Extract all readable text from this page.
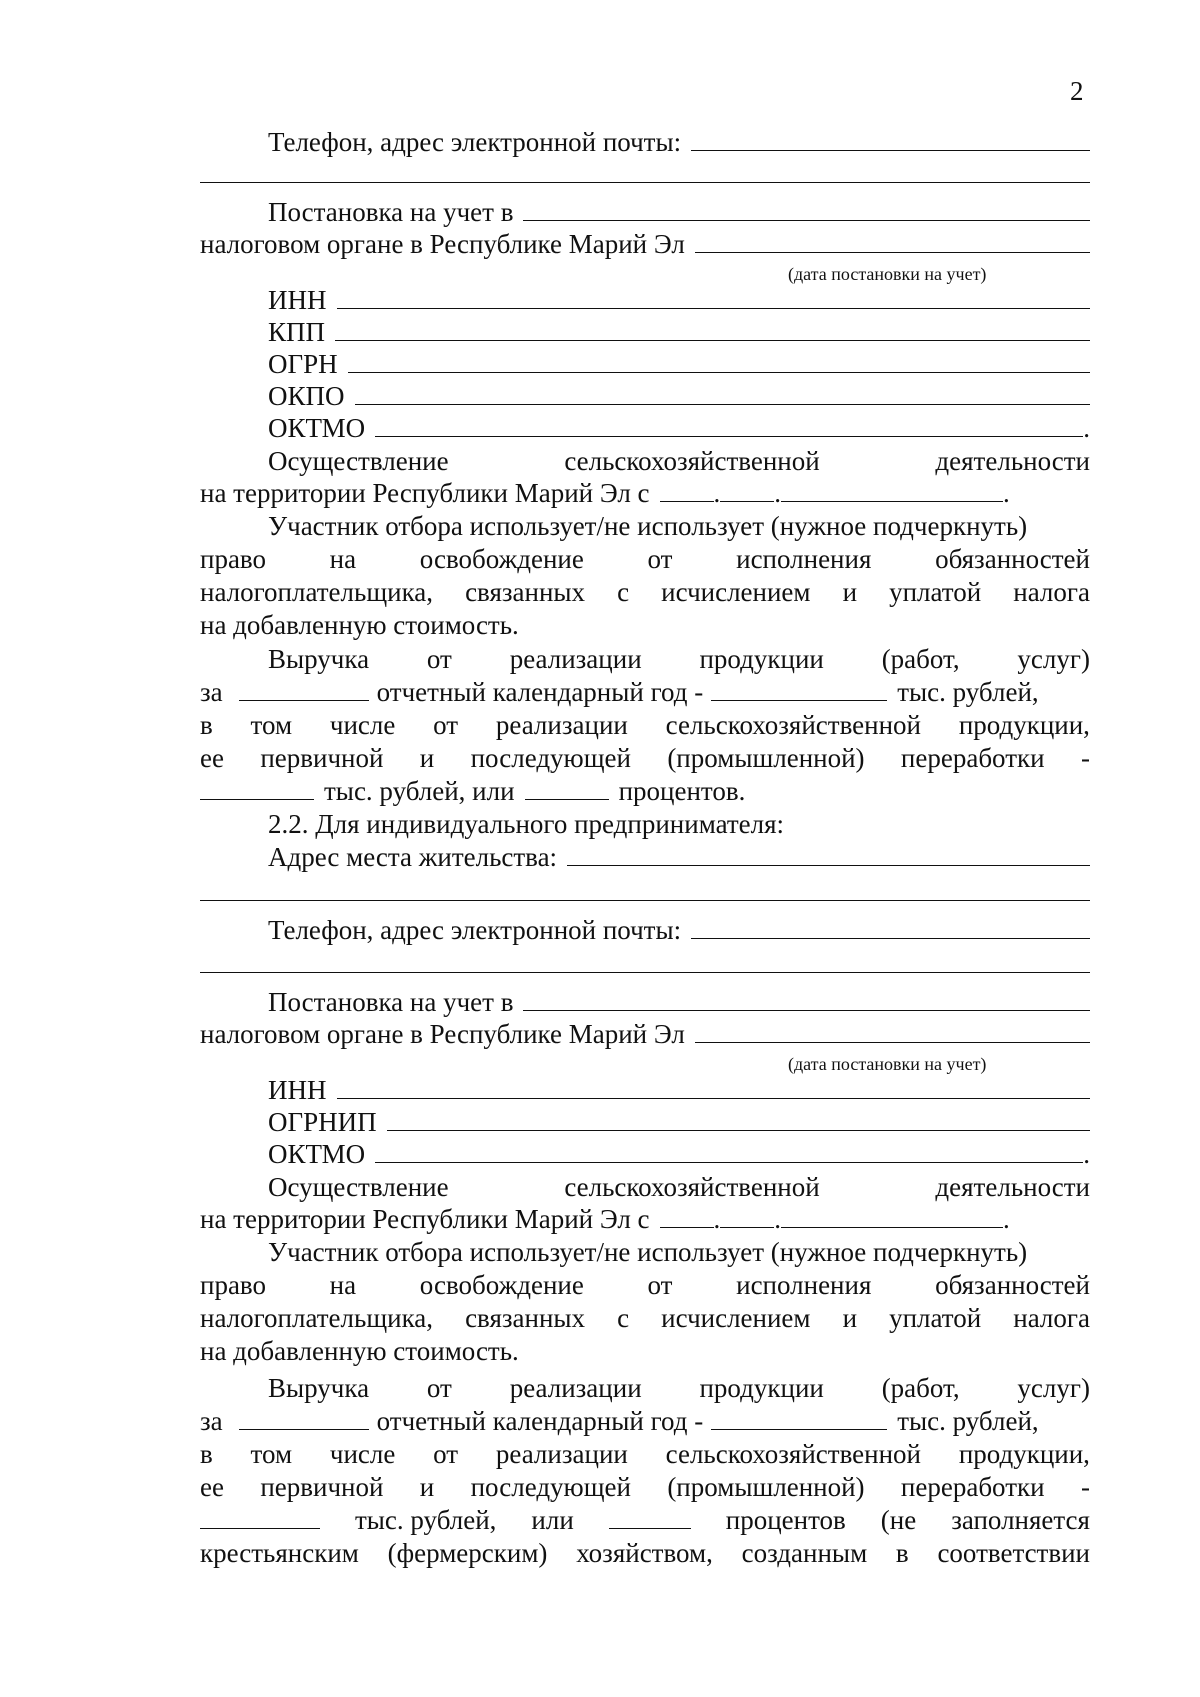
2
Телефон, адрес электронной почты:
Постановка на учет в
налоговом органе в Республике Марий Эл
(дата постановки на учет)
ИНН
КПП
ОГРН
ОКПО
ОКТМО	.
Осуществление	сельскохозяйственной	деятельности
на территории Республики Марий Эл с . .	.
Участник отбора использует/не использует (нужное подчеркнуть)
право на освобождение от исполнения обязанностей
налогоплательщика, связанных с исчислением и уплатой налога
на добавленную стоимость.
Выручка от реализации продукции (работ, услуг)
за	отчетный календарный год -	тыс. рублей,
в том числе от реализации сельскохозяйственной продукции,
ее первичной и последующей (промышленной) переработки -
тыс. рублей, или	процентов.
2.2. Для индивидуального предпринимателя:
Адрес места жительства:
Телефон, адрес электронной почты:
Постановка на учет в
налоговом органе в Республике Марий Эл
(дата постановки на учет)
ИНН
ОГРНИП
ОКТМО	.
Осуществление	сельскохозяйственной	деятельности
на территории Республики Марий Эл с . .	.
Участник отбора использует/не использует (нужное подчеркнуть)
право на освобождение от исполнения обязанностей
налогоплательщика, связанных с исчислением и уплатой налога
на добавленную стоимость.
Выручка от реализации продукции (работ, услуг)
за	отчетный календарный год -	тыс. рублей,
в том числе от реализации сельскохозяйственной продукции,
ее первичной и последующей (промышленной) переработки -
тыс. рублей, или	процентов (не заполняется
крестьянским (фермерским) хозяйством, созданным в соответствии
